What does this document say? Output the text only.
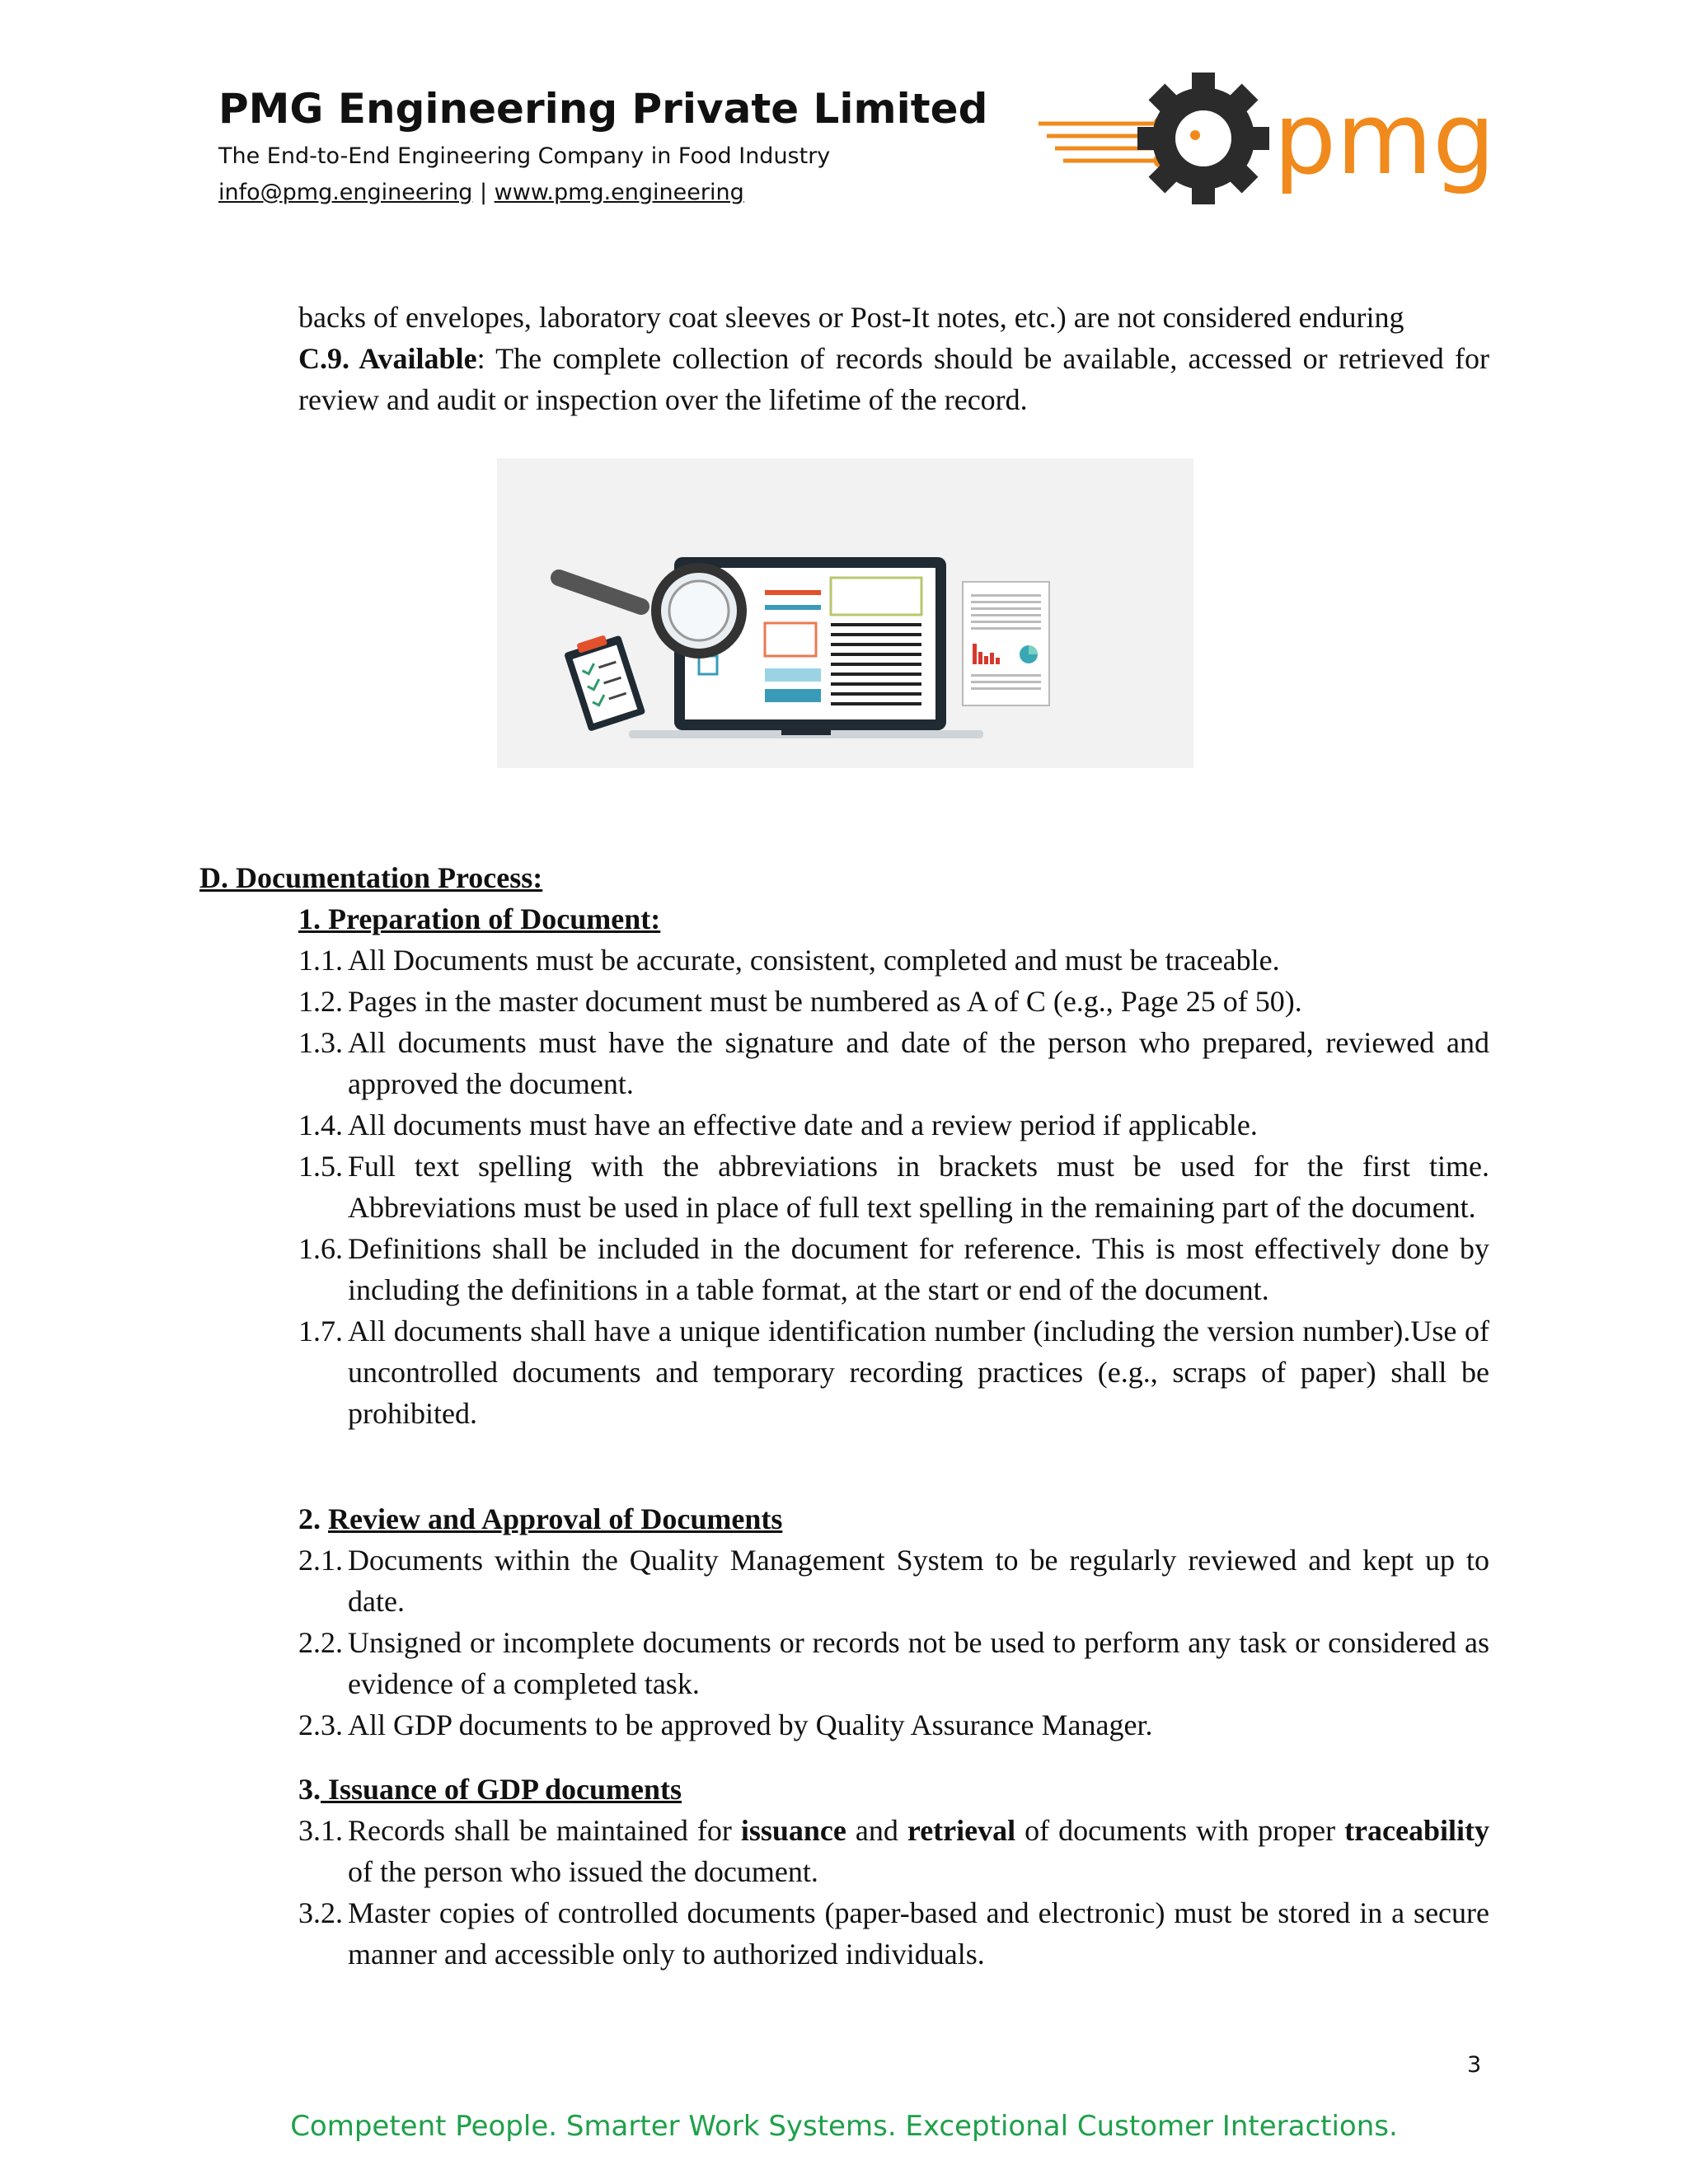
PMG Engineering Private Limited
The End-to-End Engineering Company in Food Industry
info@pmg.engineering | www.pmg.engineering	pmg

backs of envelopes, laboratory coat sleeves or Post-It notes, etc.) are not considered enduring

C.9. Available: The complete collection of records should be available, accessed or retrieved for review and audit or inspection over the lifetime of the record.

D. Documentation Process:
1. Preparation of Document:
1.1. All Documents must be accurate, consistent, completed and must be traceable.
1.2. Pages in the master document must be numbered as A of C (e.g., Page 25 of 50).
1.3. All documents must have the signature and date of the person who prepared, reviewed and approved the document.
1.4. All documents must have an effective date and a review period if applicable.
1.5. Full text spelling with the abbreviations in brackets must be used for the first time. Abbreviations must be used in place of full text spelling in the remaining part of the document.
1.6. Definitions shall be included in the document for reference. This is most effectively done by including the definitions in a table format, at the start or end of the document.
1.7. All documents shall have a unique identification number (including the version number).Use of uncontrolled documents and temporary recording practices (e.g., scraps of paper) shall be prohibited.
2. Review and Approval of Documents
2.1. Documents within the Quality Management System to be regularly reviewed and kept up to date.
2.2. Unsigned or incomplete documents or records not be used to perform any task or considered as evidence of a completed task.
2.3. All GDP documents to be approved by Quality Assurance Manager.
3. Issuance of GDP documents
3.1. Records shall be maintained for issuance and retrieval of documents with proper traceability of the person who issued the document.
3.2. Master copies of controlled documents (paper-based and electronic) must be stored in a secure manner and accessible only to authorized individuals.
3
Competent People. Smarter Work Systems. Exceptional Customer Interactions.
